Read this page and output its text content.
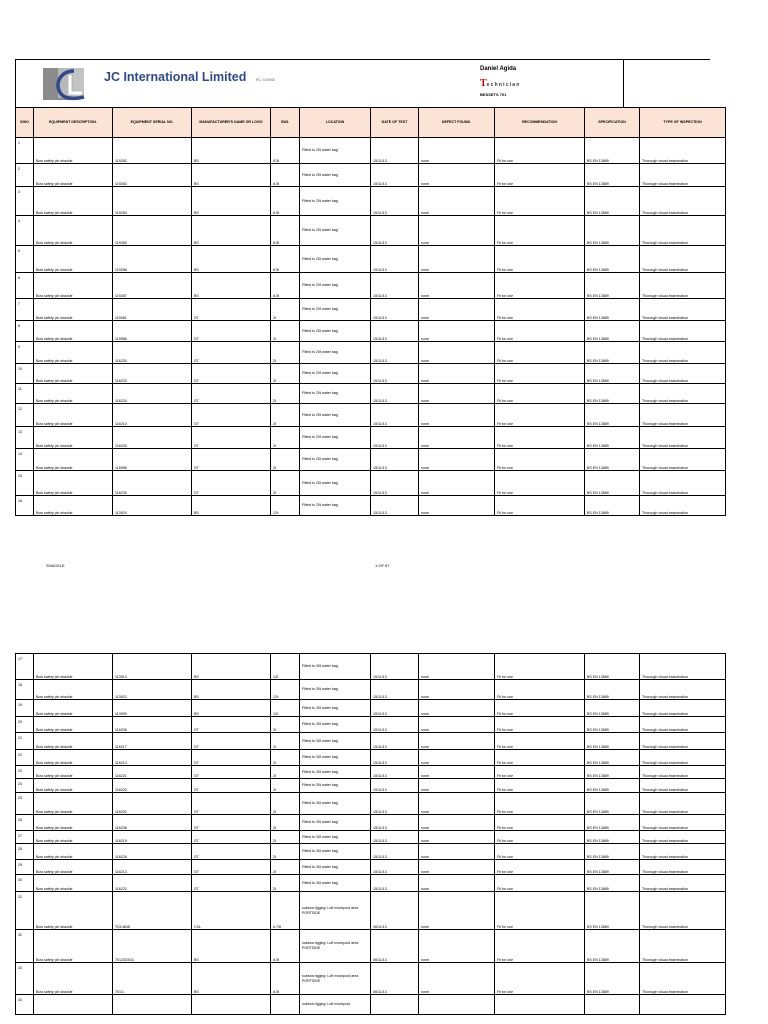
JC International Limited	RC: 615946
Daniel Agida
Technician
BESSETS 701
S/NO	EQUIPMENT DESCRIPTION.	EQUIPMENT SERIAL NO.	MANUFACTURER'S NAME OR LOGO	SWL	LOCATION	DATE OF TEST	DEFECT FOUND.	RECOMMENDATION	SPECIFICATION	TYPE OF INSPECTION
1	Bow safety pin shackle	119282	BS	8.5t	Fitted to 20t water bag	15/11/13	none	Fit for use	BS EN 13889	Thorough visual examination
2	Bow safety pin shackle	119283	BS	8.5t	Fitted to 20t water bag	15/11/13	none	Fit for use	BS EN 13889	Thorough visual examination
3	Bow safety pin shackle	119284	BS	8.5t	Fitted to 20t water bag	15/11/13	none	Fit for use	BS EN 13889	Thorough visual examination
4	Bow safety pin shackle	119285	BS	8.5t	Fitted to 20t water bag	15/11/13	none	Fit for use	BS EN 13889	Thorough visual examination
5	Bow safety pin shackle	119286	BS	8.5t	Fitted to 20t water bag	15/11/13	none	Fit for use	BS EN 13889	Thorough visual examination
6	Bow safety pin shackle	119287	BS	8.5t	Fitted to 20t water bag	15/11/13	none	Fit for use	BS EN 13889	Thorough visual examination
7	Bow safety pin shackle	115981	GT	2t	Fitted to 20t water bag	15/11/13	none	Fit for use	BS EN 13889	Thorough visual examination
8	Bow safety pin shackle	115986	GT	2t	Fitted to 20t water bag	15/11/13	none	Fit for use	BS EN 13889	Thorough visual examination
9	Bow safety pin shackle	116230	GT	2t	Fitted to 20t water bag	15/11/13	none	Fit for use	BS EN 13889	Thorough visual examination
10	Bow safety pin shackle	116233	GT	2t	Fitted to 20t water bag	15/11/13	none	Fit for use	BS EN 13889	Thorough visual examination
11	Bow safety pin shackle	116234	GT	2t	Fitted to 20t water bag	15/11/13	none	Fit for use	BS EN 13889	Thorough visual examination
12	Bow safety pin shackle	116210	GT	2t	Fitted to 20t water bag	15/11/13	none	Fit for use	BS EN 13889	Thorough visual examination
13	Bow safety pin shackle	116205	GT	2t	Fitted to 20t water bag	15/11/13	none	Fit for use	BS EN 13889	Thorough visual examination
14	Bow safety pin shackle	115958	GT	2t	Fitted to 20t water bag	15/11/13	none	Fit for use	BS EN 13889	Thorough visual examination
15	Bow safety pin shackle	116235	GT	2t	Fitted to 20t water bag	15/11/13	none	Fit for use	BS EN 13889	Thorough visual examination
16	Bow safety pin shackle	113924	BS	12t	Fitted to 20t water bag	15/11/13	none	Fit for use	BS EN 13889	Thorough visual examination
SHACKLE	1 OF 67
17	Bow safety pin shackle	113914	BS	12t	Fitted to 30t water bag	15/11/13	none	Fit for use	BS EN 13889	Thorough visual examination
18	Bow safety pin shackle	113922	BS	12t	Fitted to 30t water bag	15/11/13	none	Fit for use	BS EN 13889	Thorough visual examination
19	Bow safety pin shackle	113959	BS	12t	Fitted to 30t water bag	15/11/13	none	Fit for use	BS EN 13889	Thorough visual examination
20	Bow safety pin shackle	116206	GT	2t	Fitted to 30t water bag	15/11/13	none	Fit for use	BS EN 13889	Thorough visual examination
21	Bow safety pin shackle	116217	GT	2t	Fitted to 30t water bag	15/11/13	none	Fit for use	BS EN 13889	Thorough visual examination
22	Bow safety pin shackle	116214	GT	2t	Fitted to 30t water bag	15/11/13	none	Fit for use	BS EN 13889	Thorough visual examination
23	Bow safety pin shackle	116221	GT	2t	Fitted to 30t water bag	15/11/13	none	Fit for use	BS EN 13889	Thorough visual examination
24	Bow safety pin shackle	116220	GT	2t	Fitted to 30t water bag	15/11/13	none	Fit for use	BS EN 13889	Thorough visual examination
25	Bow safety pin shackle	116202	GT	2t	Fitted to 30t water bag	15/11/13	none	Fit for use	BS EN 13889	Thorough visual examination
26	Bow safety pin shackle	116208	GT	2t	Fitted to 30t water bag	15/11/13	none	Fit for use	BS EN 13889	Thorough visual examination
27	Bow safety pin shackle	116219	GT	2t	Fitted to 30t water bag	15/11/13	none	Fit for use	BS EN 13889	Thorough visual examination
28	Bow safety pin shackle	116228	GT	2t	Fitted to 30t water bag	15/11/13	none	Fit for use	BS EN 13889	Thorough visual examination
29	Bow safety pin shackle	116213	GT	2t	Fitted to 30t water bag	15/11/13	none	Fit for use	BS EN 13889	Thorough visual examination
30	Bow safety pin shackle	116222	GT	2t	Fitted to 30t water bag	15/11/13	none	Fit for use	BS EN 13889	Thorough visual examination
31	Bow safety pin shackle	TD14848	CSL	6.75t	subsea rigging: Loft moonpool area PORTSIDE	06/11/13	none	Fit for use	BS EN 13889	Thorough visual examination
32	Bow safety pin shackle	7012303/31	BS	8.5t	subsea rigging: Loft moonpool area PORTSIDE	06/11/13	none	Fit for use	BS EN 13889	Thorough visual examination
33	Bow safety pin shackle	701/1	BS	8.5t	subsea rigging: Loft moonpool area PORTSIDE	06/11/13	none	Fit for use	BS EN 13889	Thorough visual examination
34					subsea rigging: Loft moonpool					
